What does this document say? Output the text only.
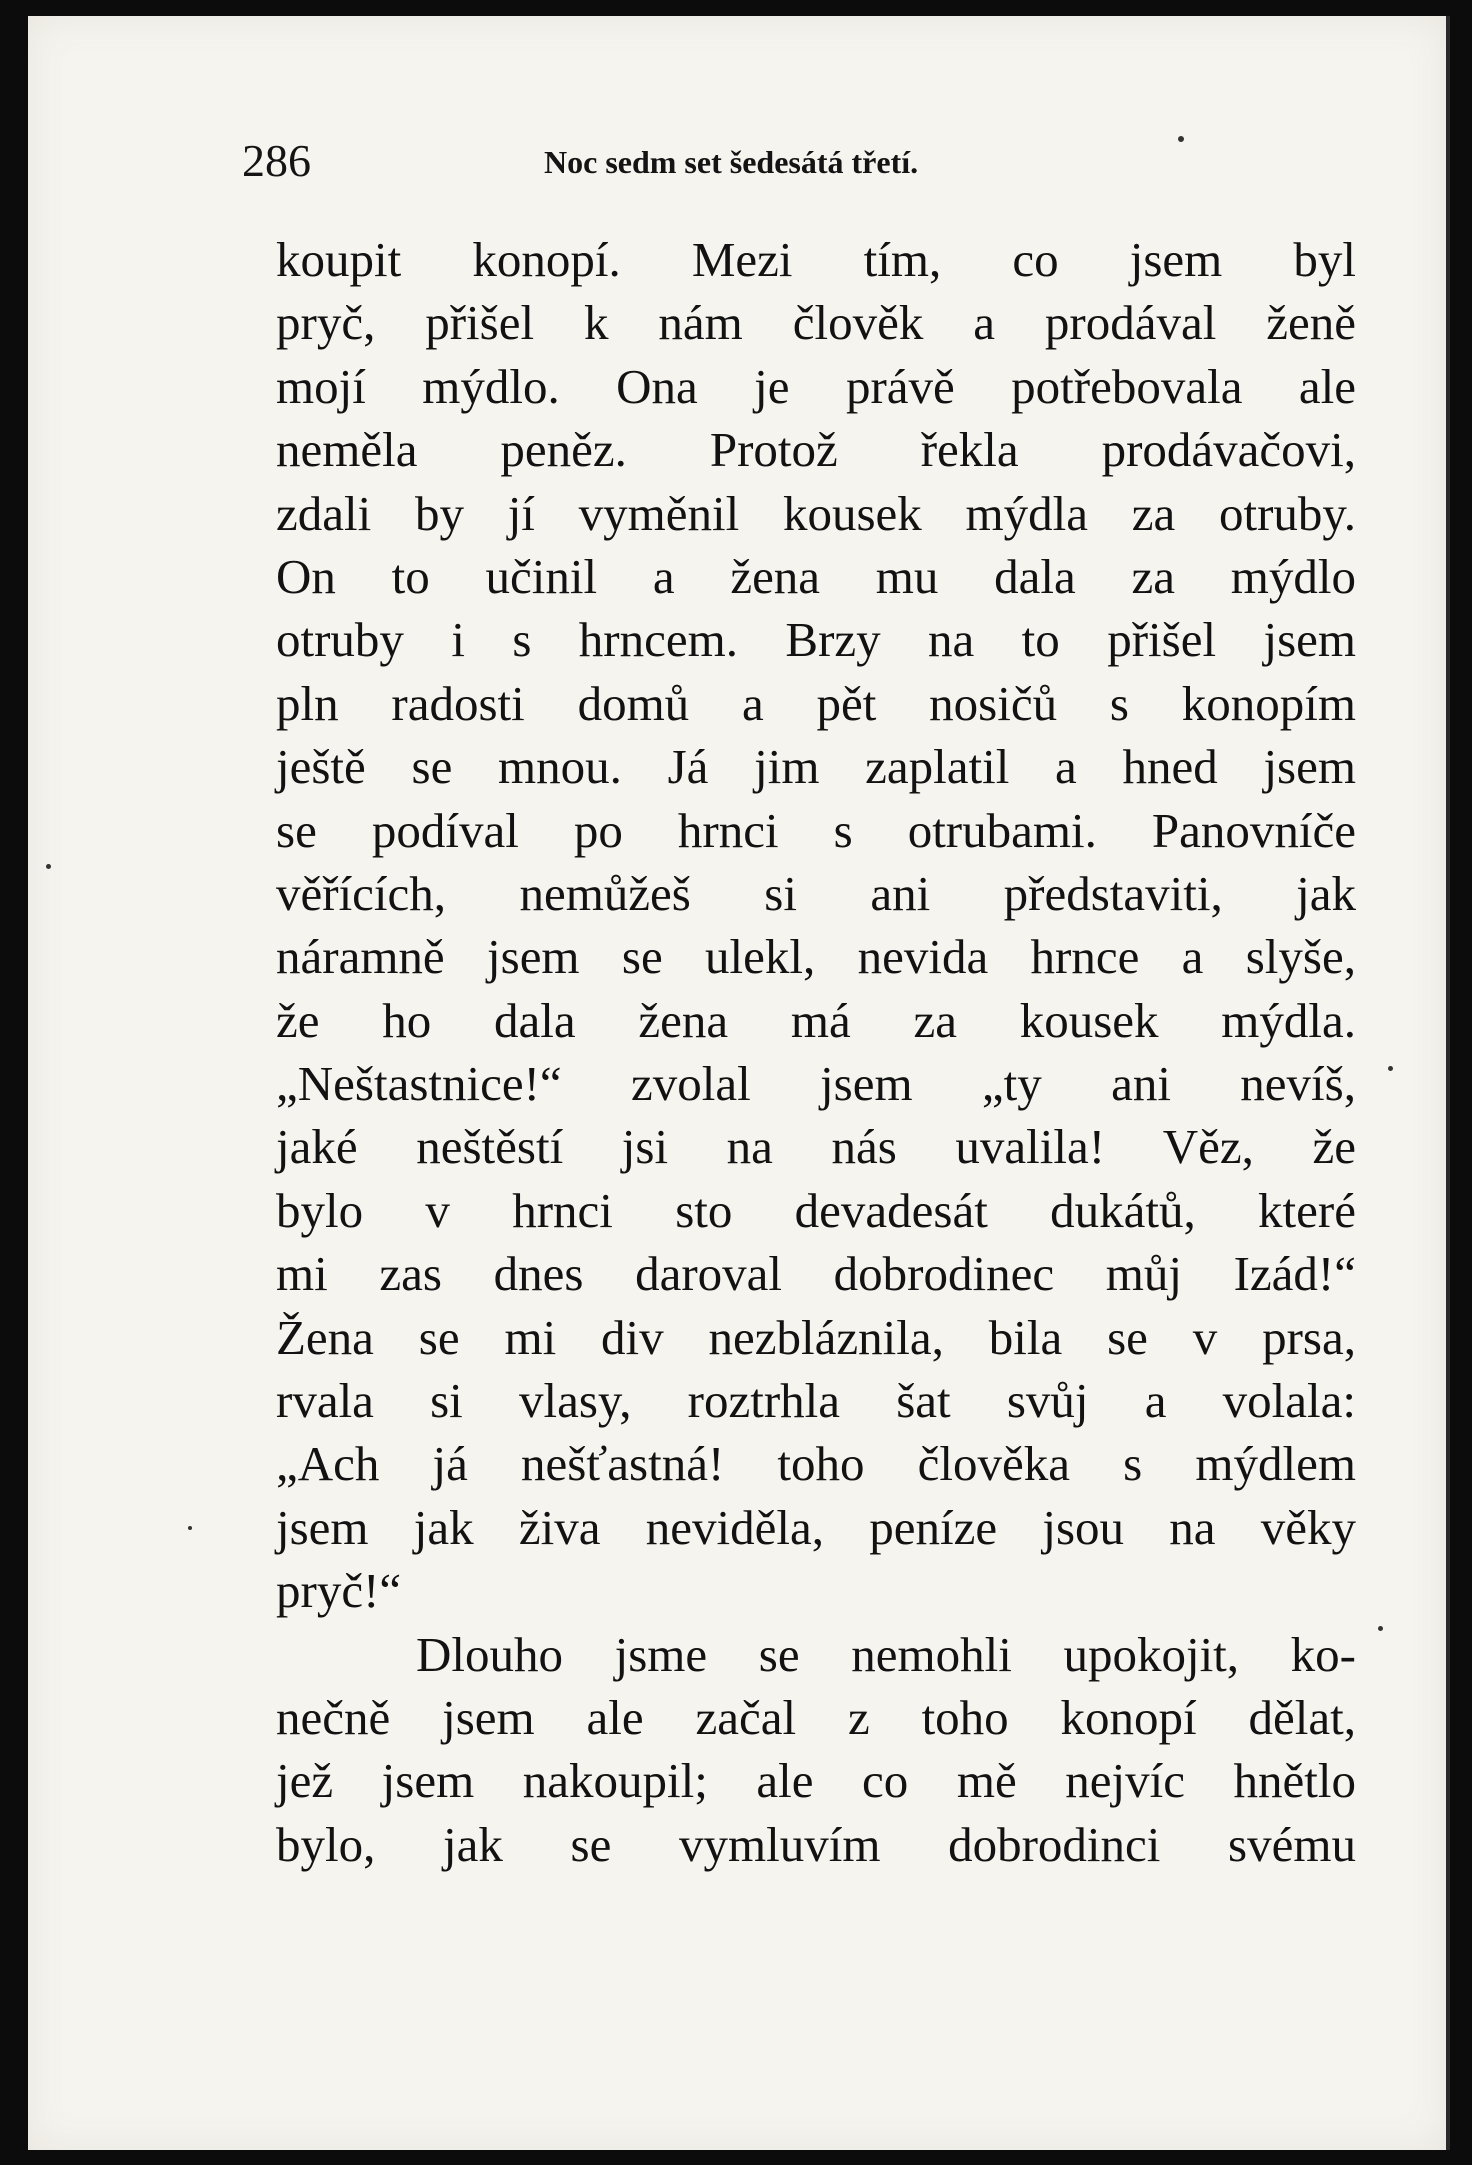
286	Noc sedm set šedesátá třetí.
koupit konopí. Mezi tím, co jsem byl
pryč, přišel k nám člověk a prodával ženě
mojí mýdlo. Ona je právě potřebovala ale
neměla peněz. Protož řekla prodávačovi,
zdali by jí vyměnil kousek mýdla za otruby.
On to učinil a žena mu dala za mýdlo
otruby i s hrncem. Brzy na to přišel jsem
pln radosti domů a pět nosičů s konopím
ještě se mnou. Já jim zaplatil a hned jsem
se podíval po hrnci s otrubami. Panovníče
věřících, nemůžeš si ani představiti, jak
náramně jsem se ulekl, nevida hrnce a slyše,
že ho dala žena má za kousek mýdla.
„Neštastnice!“ zvolal jsem „ty ani nevíš,
jaké neštěstí jsi na nás uvalila! Věz, že
bylo v hrnci sto devadesát dukátů, které
mi zas dnes daroval dobrodinec můj Izád!“
Žena se mi div nezbláznila, bila se v prsa,
rvala si vlasy, roztrhla šat svůj a volala:
„Ach já nešťastná! toho člověka s mýdlem
jsem jak živa neviděla, peníze jsou na věky
pryč!“
Dlouho jsme se nemohli upokojit, ko-
nečně jsem ale začal z toho konopí dělat,
jež jsem nakoupil; ale co mě nejvíc hnětlo
bylo, jak se vymluvím dobrodinci svému
